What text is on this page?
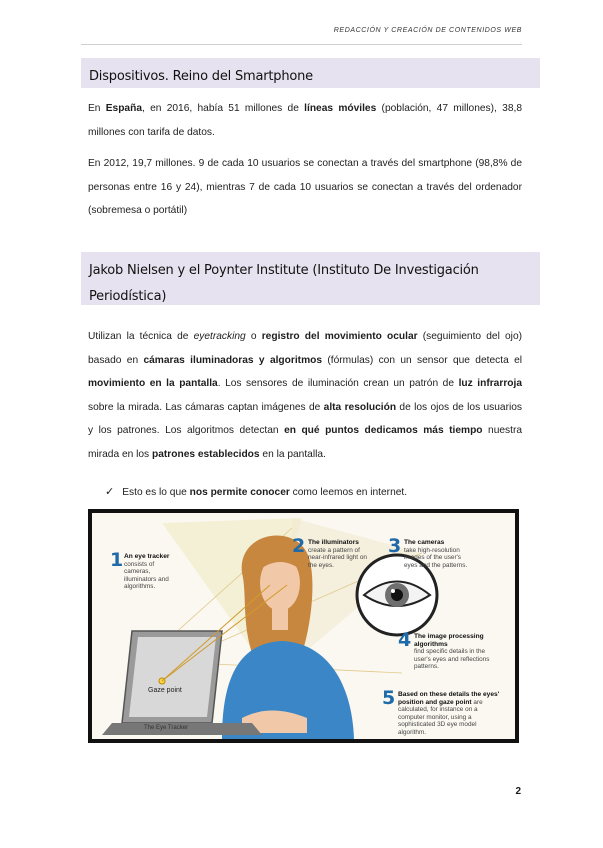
REDACCIÓN Y CREACIÓN DE CONTENIDOS WEB
Dispositivos. Reino del Smartphone
En España, en 2016, había 51 millones de líneas móviles (población, 47 millones), 38,8 millones con tarifa de datos.
En 2012, 19,7 millones. 9 de cada 10 usuarios se conectan a través del smartphone (98,8% de personas entre 16 y 24), mientras 7 de cada 10 usuarios se conectan a través del ordenador (sobremesa o portátil)
Jakob Nielsen y el Poynter Institute (Instituto De Investigación Periodística)
Utilizan la técnica de eyetracking o registro del movimiento ocular (seguimiento del ojo) basado en cámaras iluminadoras y algoritmos (fórmulas) con un sensor que detecta el movimiento en la pantalla. Los sensores de iluminación crean un patrón de luz infrarroja sobre la mirada. Las cámaras captan imágenes de alta resolución de los ojos de los usuarios y los patrones. Los algoritmos detectan en qué puntos dedicamos más tiempo nuestra mirada en los patrones establecidos en la pantalla.
✓ Esto es lo que nos permite conocer como leemos en internet.
1 An eye tracker
consists of cameras, illuminators and algorithms.
2 The illuminators
create a pattern of near-infrared light on the eyes.
3 The cameras
take high-resolution images of the user's eyes and the patterns.
4 The image processing algorithms
find specific details in the user's eyes and reflections patterns.
5 Based on these details the eyes' position and gaze point are calculated, for instance on a computer monitor, using a sophisticated 3D eye model algorithm.
Gaze point
The Eye Tracker
2
